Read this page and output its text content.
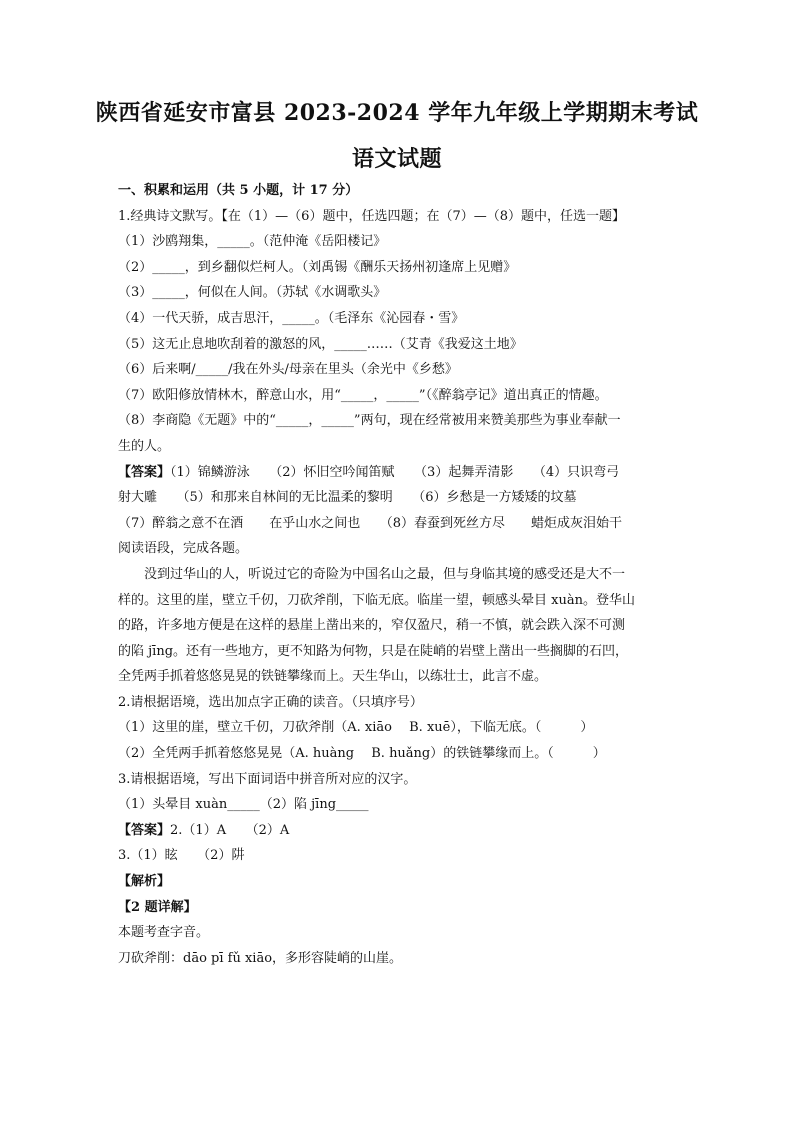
陕西省延安市富县 2023-2024 学年九年级上学期期末考试
语文试题

一、积累和运用（共 5 小题，计 17 分）

1.经典诗文默写。【在（1）—（6）题中，任选四题；在（7）—（8）题中，任选一题】

（1）沙鸥翔集，_____。（范仲淹《岳阳楼记》

（2）_____，到乡翻似烂柯人。（刘禹锡《酬乐天扬州初逢席上见赠》

（3）_____，何似在人间。（苏轼《水调歌头》

（4）一代天骄，成吉思汗，_____。（毛泽东《沁园春・雪》

（5）这无止息地吹刮着的激怒的风，_____……（艾青《我爱这土地》

（6）后来啊/_____/我在外头/母亲在里头（余光中《乡愁》

（7）欧阳修放情林木，醉意山水，用“_____，_____”（《醉翁亭记》道出真正的情趣。

（8）李商隐《无题》中的“_____，_____”两句，现在经常被用来赞美那些为事业奉献一

生的人。

【答案】（1）锦鳞游泳　　（2）怀旧空吟闻笛赋　　（3）起舞弄清影　　（4）只识弯弓

射大雕　　（5）和那来自林间的无比温柔的黎明　　（6）乡愁是一方矮矮的坟墓

（7）醉翁之意不在酒　　在乎山水之间也　　（8）春蚕到死丝方尽　　蜡炬成灰泪始干

阅读语段，完成各题。

没到过华山的人，听说过它的奇险为中国名山之最，但与身临其境的感受还是大不一

样的。这里的崖，壁立千仞，刀砍斧削，下临无底。临崖一望，顿感头晕目 xuàn。登华山

的路，许多地方便是在这样的悬崖上凿出来的，窄仅盈尺，稍一不慎，就会跌入深不可测

的陷 jīng。还有一些地方，更不知路为何物，只是在陡峭的岩壁上凿出一些搁脚的石凹，

全凭两手抓着悠悠晃晃的铁链攀缘而上。天生华山，以练壮士，此言不虚。

2.请根据语境，选出加点字正确的读音。（只填序号）

（1）这里的崖，壁立千仞，刀砍斧削（A. xiāo　 B. xuē），下临无底。（　　　）

（2）全凭两手抓着悠悠晃晃（A. huàng　 B. huǎng）的铁链攀缘而上。（　　　）

3.请根据语境，写出下面词语中拼音所对应的汉字。

（1）头晕目 xuàn_____（2）陷 jīng_____

【答案】2.（1）A　　（2）A

3.（1）眩　　（2）阱

【解析】

【2 题详解】

本题考查字音。

刀砍斧削：dāo pī fǔ xiāo，多形容陡峭的山崖。
